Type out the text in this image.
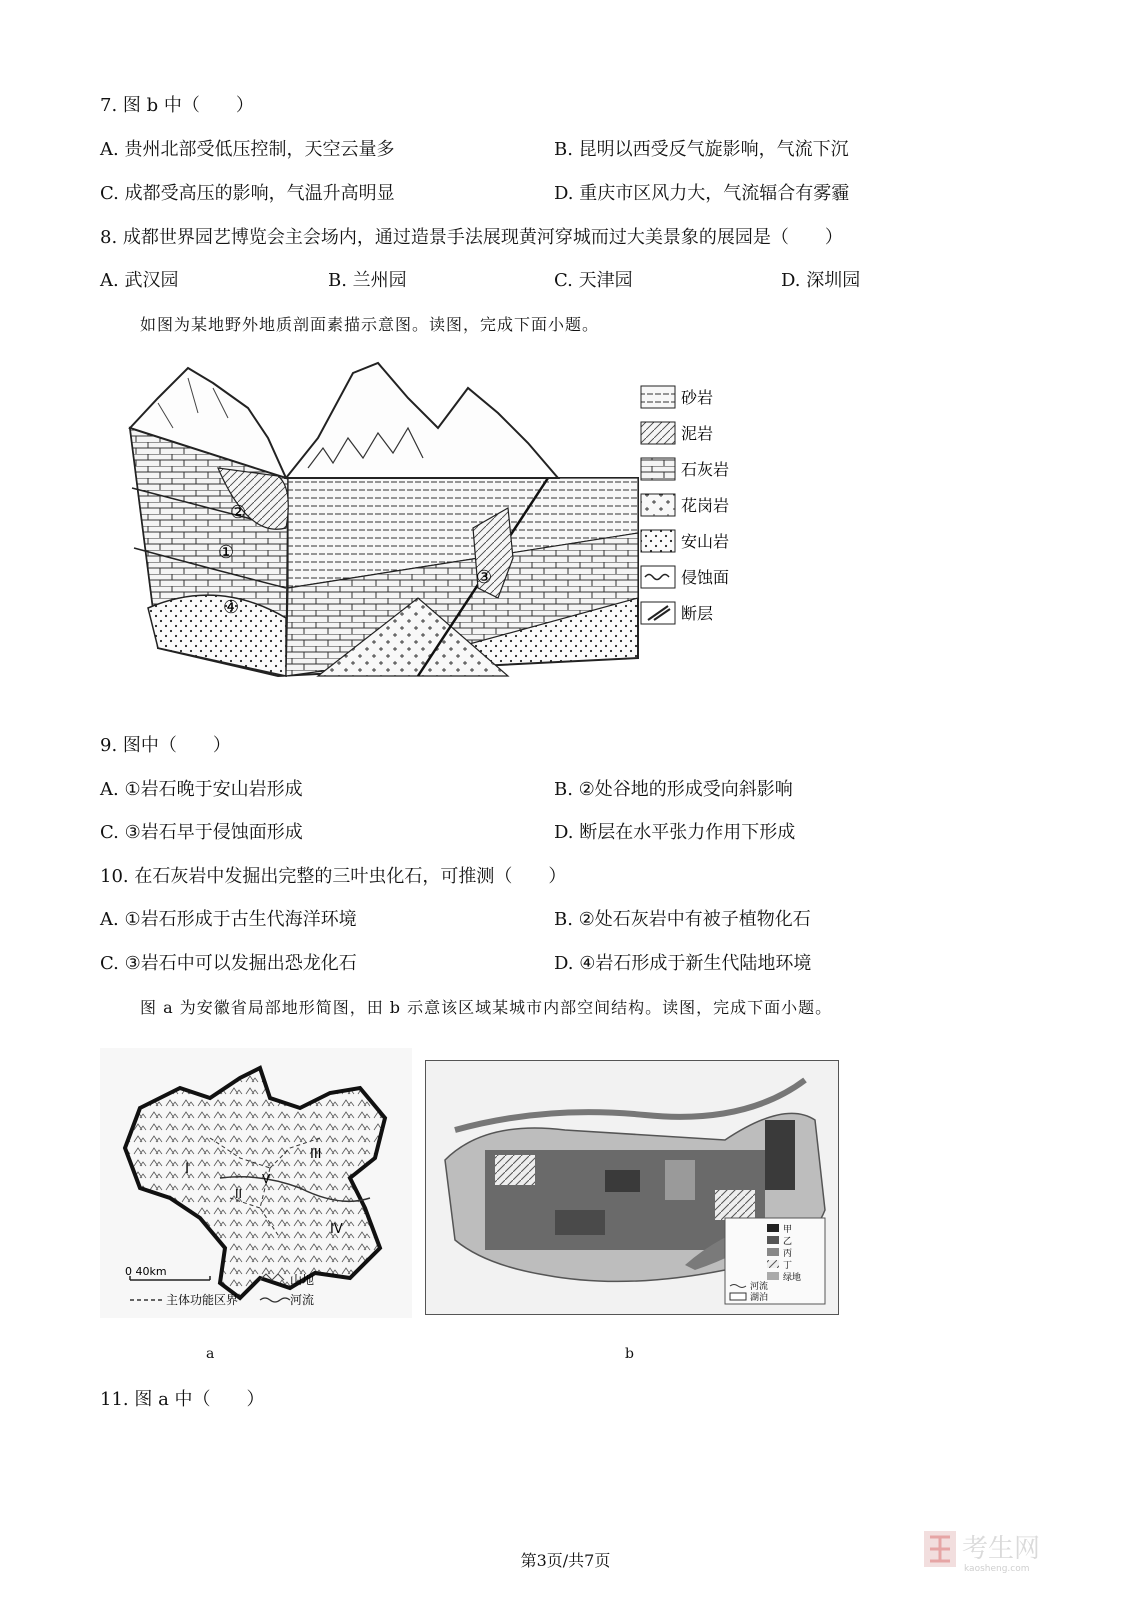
7. 图 b 中（　　）
A. 贵州北部受低压控制，天空云量多	B. 昆明以西受反气旋影响，气流下沉
C. 成都受高压的影响，气温升高明显	D. 重庆市区风力大，气流辐合有雾霾
8. 成都世界园艺博览会主会场内，通过造景手法展现黄河穿城而过大美景象的展园是（　　）
A. 武汉园	B. 兰州园	C. 天津园	D. 深圳园
如图为某地野外地质剖面素描示意图。读图，完成下面小题。
①
②
③
④
砂岩
泥岩
石灰岩
花岗岩
安山岩
侵蚀面
断层
9. 图中（　　）
A. ①岩石晚于安山岩形成	B. ②处谷地的形成受向斜影响
C. ③岩石早于侵蚀面形成	D. 断层在水平张力作用下形成
10. 在石灰岩中发掘出完整的三叶虫化石，可推测（　　）
A. ①岩石形成于古生代海洋环境	B. ②处石灰岩中有被子植物化石
C. ③岩石中可以发掘出恐龙化石	D. ④岩石形成于新生代陆地环境
图 a 为安徽省局部地形简图，田 b 示意该区域某城市内部空间结构。读图，完成下面小题。
I
II
III
IV
V
0 40km
山地
主体功能区界	河流
a
甲
乙
丙
丁
绿地
河流
湖泊
b
11. 图 a 中（　　）
第3页/共7页	考生网
kaosheng.com
